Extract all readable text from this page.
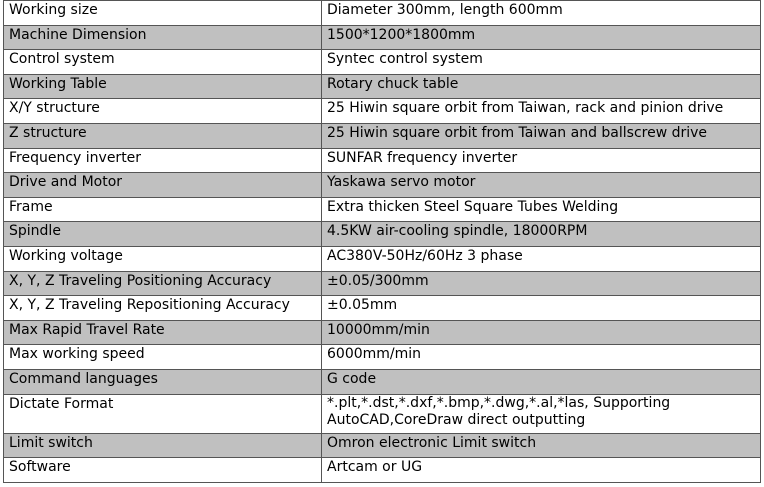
Working size	Diameter 300mm, length 600mm
Machine Dimension	1500*1200*1800mm
Control system	Syntec control system
Working Table	Rotary chuck table
X/Y structure	25 Hiwin square orbit from Taiwan, rack and pinion drive
Z structure	25 Hiwin square orbit from Taiwan and ballscrew drive
Frequency inverter	SUNFAR frequency inverter
Drive and Motor	Yaskawa servo motor
Frame	Extra thicken Steel Square Tubes Welding
Spindle	4.5KW air-cooling spindle, 18000RPM
Working voltage	AC380V-50Hz/60Hz 3 phase
X, Y, Z Traveling Positioning Accuracy	±0.05/300mm
X, Y, Z Traveling Repositioning Accuracy	±0.05mm
Max Rapid Travel Rate	10000mm/min
Max working speed	6000mm/min
Command languages	G code
Dictate Format	*.plt,*.dst,*.dxf,*.bmp,*.dwg,*.al,*las, Supporting AutoCAD,CoreDraw direct outputting
Limit switch	Omron electronic Limit switch
Software	Artcam or UG
